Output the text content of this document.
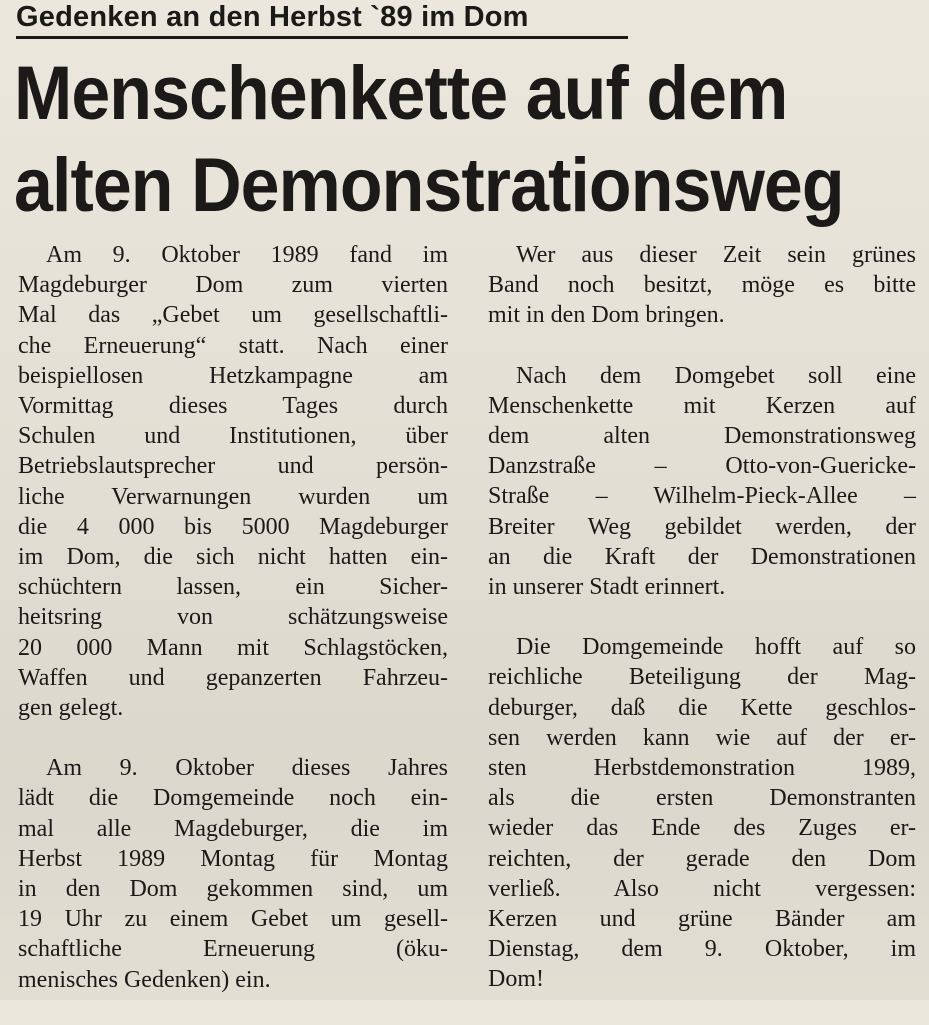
Gedenken an den Herbst `89 im Dom
Menschenkette auf dem
alten Demonstrationsweg
Am 9. Oktober 1989 fand im
Magdeburger Dom zum vierten
Mal das „Gebet um gesellschaftli-
che Erneuerung“ statt. Nach einer
beispiellosen Hetzkampagne am
Vormittag dieses Tages durch
Schulen und Institutionen, über
Betriebslautsprecher und persön-
liche Verwarnungen wurden um
die 4 000 bis 5000 Magdeburger
im Dom, die sich nicht hatten ein-
schüchtern lassen, ein Sicher-
heitsring von schätzungsweise
20 000 Mann mit Schlagstöcken,
Waffen und gepanzerten Fahrzeu-
gen gelegt.
Am 9. Oktober dieses Jahres
lädt die Domgemeinde noch ein-
mal alle Magdeburger, die im
Herbst 1989 Montag für Montag
in den Dom gekommen sind, um
19 Uhr zu einem Gebet um gesell-
schaftliche Erneuerung (öku-
menisches Gedenken) ein.
Wer aus dieser Zeit sein grünes
Band noch besitzt, möge es bitte
mit in den Dom bringen.
Nach dem Domgebet soll eine
Menschenkette mit Kerzen auf
dem alten Demonstrationsweg
Danzstraße – Otto-von-Guericke-
Straße – Wilhelm-Pieck-Allee –
Breiter Weg gebildet werden, der
an die Kraft der Demonstrationen
in unserer Stadt erinnert.
Die Domgemeinde hofft auf so
reichliche Beteiligung der Mag-
deburger, daß die Kette geschlos-
sen werden kann wie auf der er-
sten Herbstdemonstration 1989,
als die ersten Demonstranten
wieder das Ende des Zuges er-
reichten, der gerade den Dom
verließ. Also nicht vergessen:
Kerzen und grüne Bänder am
Dienstag, dem 9. Oktober, im
Dom!
